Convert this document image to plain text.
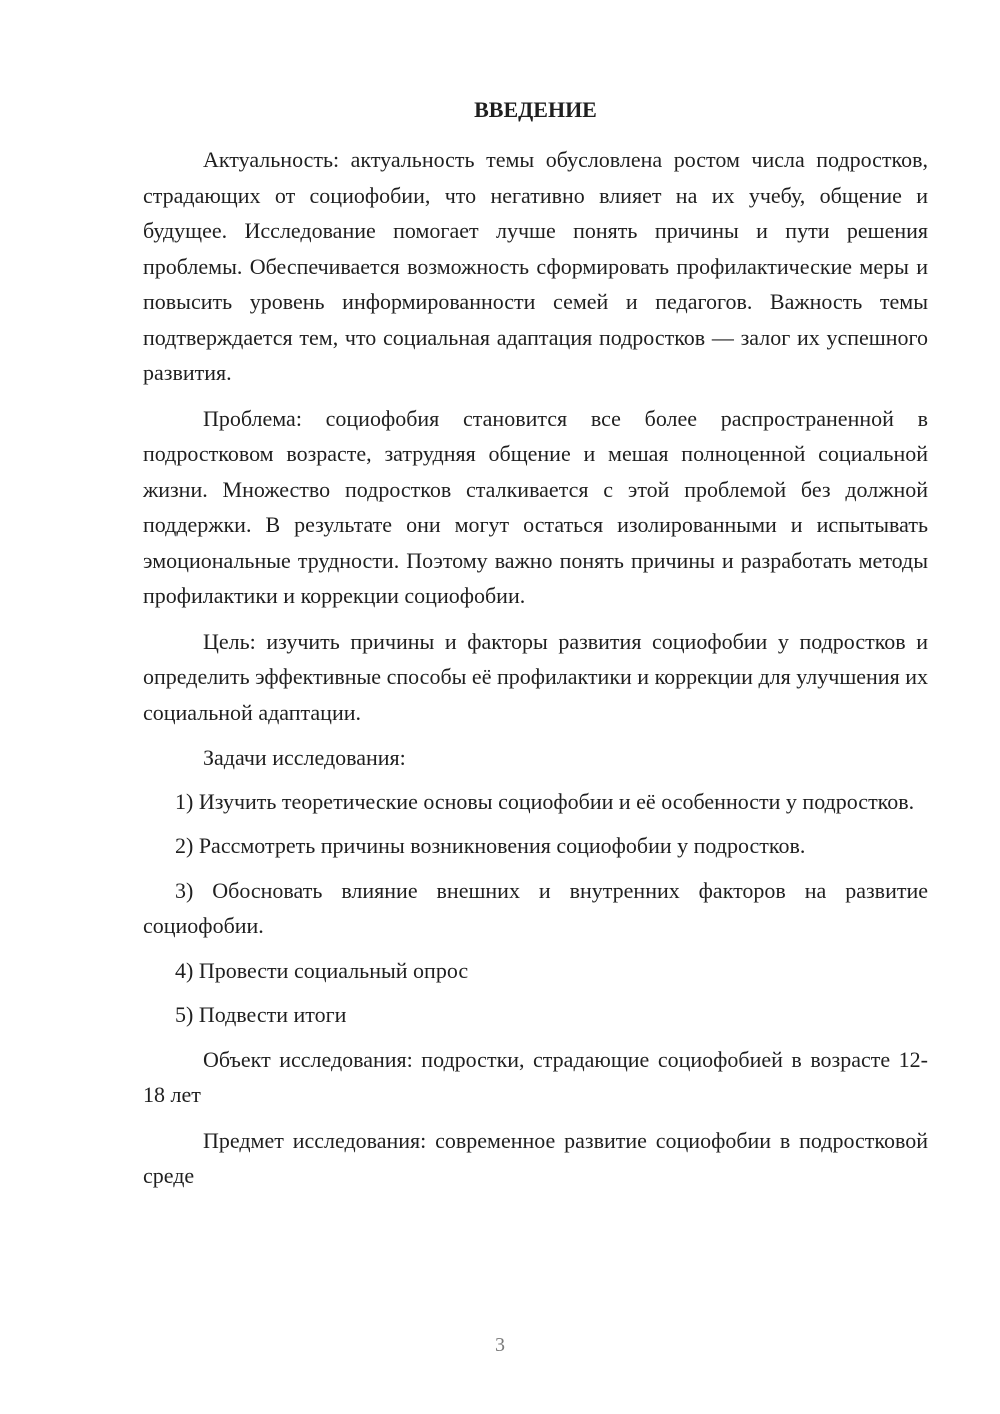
ВВЕДЕНИЕ

Актуальность: актуальность темы обусловлена ростом числа подростков, страдающих от социофобии, что негативно влияет на их учебу, общение и будущее. Исследование помогает лучше понять причины и пути решения проблемы. Обеспечивается возможность сформировать профилактические меры и повысить уровень информированности семей и педагогов. Важность темы подтверждается тем, что социальная адаптация подростков — залог их успешного развития.

Проблема: социофобия становится все более распространенной в подростковом возрасте, затрудняя общение и мешая полноценной социальной жизни. Множество подростков сталкивается с этой проблемой без должной поддержки. В результате они могут остаться изолированными и испытывать эмоциональные трудности. Поэтому важно понять причины и разработать методы профилактики и коррекции социофобии.

Цель: изучить причины и факторы развития социофобии у подростков и определить эффективные способы её профилактики и коррекции для улучшения их социальной адаптации.

Задачи исследования:

1) Изучить теоретические основы социофобии и её особенности у подростков.

2) Рассмотреть причины возникновения социофобии у подростков.

3) Обосновать влияние внешних и внутренних факторов на развитие социофобии.

4) Провести социальный опрос

5) Подвести итоги

Объект исследования: подростки, страдающие социофобией в возрасте 12-18 лет

Предмет исследования: современное развитие социофобии в подростковой среде

3
